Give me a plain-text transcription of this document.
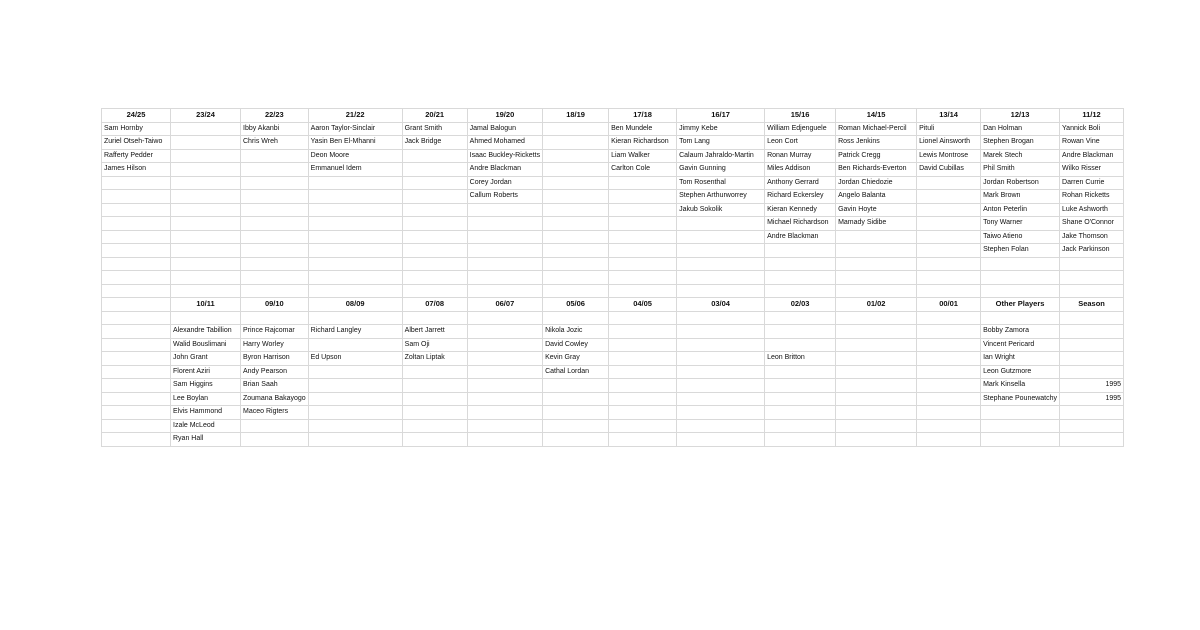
24/25	23/24	22/23	21/22	20/21	19/20	18/19	17/18	16/17	15/16	14/15	13/14	12/13	11/12
Sam Hornby		Ibby Akanbi	Aaron Taylor-Sinclair	Grant Smith	Jamal Balogun		Ben Mundele	Jimmy Kebe	William Edjenguele	Roman Michael-Percil	Pituli	Dan Holman	Yannick Boli
Zuriel Otseh-Taiwo		Chris Wreh	Yasin Ben El-Mhanni	Jack Bridge	Ahmed Mohamed		Kieran Richardson	Tom Lang	Leon Cort	Ross Jenkins	Lionel Ainsworth	Stephen Brogan	Rowan Vine
Rafferty Pedder			Deon Moore		Isaac Buckley-Ricketts		Liam Walker	Calaum Jahraldo-Martin	Ronan Murray	Patrick Cregg	Lewis Montrose	Marek Stech	Andre Blackman
James Hilson			Emmanuel Idem		Andre Blackman		Carlton Cole	Gavin Gunning	Miles Addison	Ben Richards-Everton	David Cubillas	Phil Smith	Wilko Risser
					Corey Jordan			Tom Rosenthal	Anthony Gerrard	Jordan Chiedozie		Jordan Robertson	Darren Currie
					Callum Roberts			Stephen Arthurworrey	Richard Eckersley	Angelo Balanta		Mark Brown	Rohan Ricketts
								Jakub Sokolik	Kieran Kennedy	Gavin Hoyte		Anton Peterlin	Luke Ashworth
									Michael Richardson	Mamady Sidibe		Tony Warner	Shane O'Connor
									Andre Blackman			Taiwo Atieno	Jake Thomson
												Stephen Folan	Jack Parkinson

	10/11	09/10	08/09	07/08	06/07	05/06	04/05	03/04	02/03	01/02	00/01	Other Players	Season

	Alexandre Tabillion	Prince Rajcomar	Richard Langley	Albert Jarrett		Nikola Jozic						Bobby Zamora	
	Walid Bouslimani	Harry Worley		Sam Oji		David Cowley						Vincent Pericard	
	John Grant	Byron Harrison	Ed Upson	Zoltan Liptak		Kevin Gray			Leon Britton			Ian Wright	
	Florent Aziri	Andy Pearson				Cathal Lordan						Leon Gutzmore	
	Sam Higgins	Brian Saah										Mark Kinsella	1995
	Lee Boylan	Zoumana Bakayogo										Stephane Pounewatchy	1995
	Elvis Hammond	Maceo Rigters											
	Izale McLeod												
	Ryan Hall												
